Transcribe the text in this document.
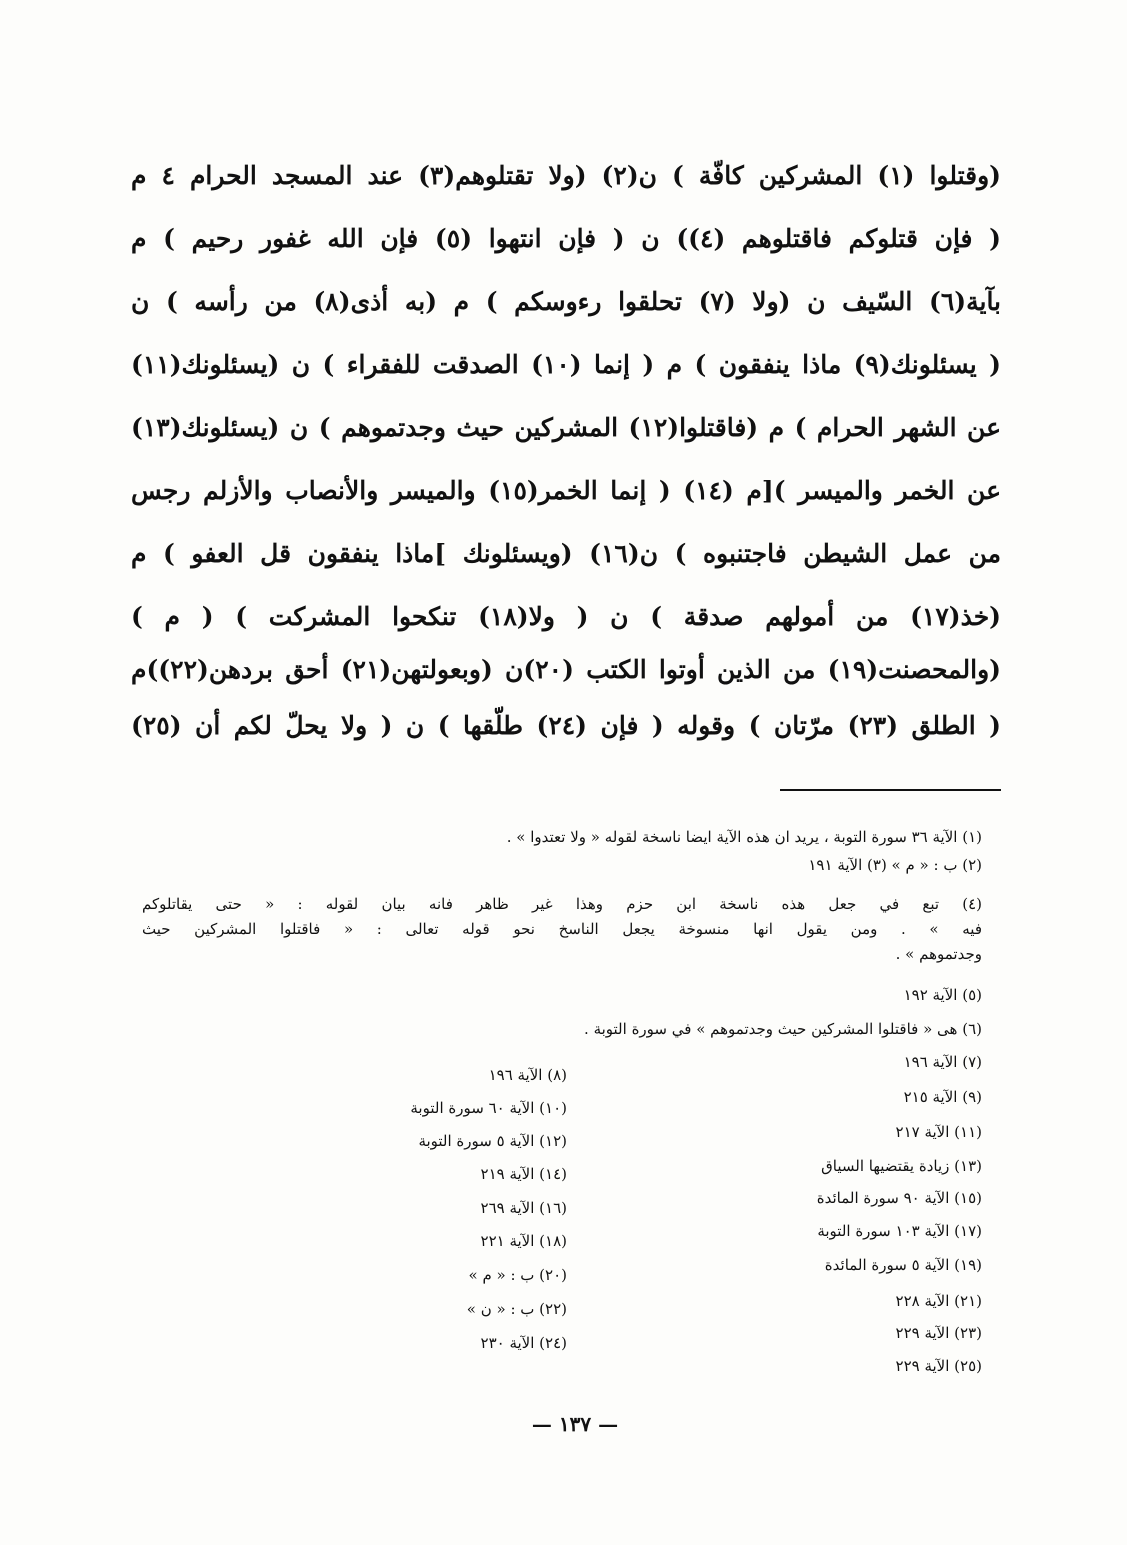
(وقتلوا (١) المشركين كافّة ) ن(٢) (ولا تقتلوهم(٣) عند المسجد الحرام ٤ م
( فإن قتلوكم فاقتلوهم (٤)) ن ( فإن انتهوا (٥) فإن الله غفور رحيم ) م
بآية(٦) السّيف ن (ولا (٧) تحلقوا رءوسكم ) م (به أذى(٨) من رأسه ) ن
( يسئلونك(٩) ماذا ينفقون ) م ( إنما (١٠) الصدقت للفقراء ) ن (يسئلونك(١١)
عن الشهر الحرام ) م (فاقتلوا(١٢) المشركين حيث وجدتموهم ) ن (يسئلونك(١٣)
عن الخمر والميسر )[م (١٤) ( إنما الخمر(١٥) والميسر والأنصاب والأزلم رجس
من عمل الشيطن فاجتنبوه ) ن(١٦) (ويسئلونك ]ماذا ينفقون قل العفو ) م
(خذ(١٧) من أمولهم صدقة ) ن ( ولا(١٨) تنكحوا المشركت ) ( م )
(والمحصنت(١٩) من الذين أوتوا الكتب (٢٠)ن (وبعولتهن(٢١) أحق بردهن(٢٢))م
( الطلق (٢٣) مرّتان ) وقوله ( فإن (٢٤) طلّقها ) ن ( ولا يحلّ لكم أن (٢٥)
(١) الآية ٣٦ سورة التوبة ، يريد ان هذه الآية ايضا ناسخة لقوله « ولا تعتدوا » .
(٢) ب : « م » (٣) الآية ١٩١
(٤) تبع في جعل هذه ناسخة ابن حزم وهذا غير ظاهر فانه بيان لقوله : « حتى يقاتلوكم
فيه » . ومن يقول انها منسوخة يجعل الناسخ نحو قوله تعالى : « فاقتلوا المشركين حيث
وجدتموهم » .
(٥) الآية ١٩٢
(٦) هى « فاقتلوا المشركين حيث وجدتموهم » في سورة التوبة .
(٧) الآية ١٩٦
(٩) الآية ٢١٥
(١١) الآية ٢١٧
(١٣) زيادة يقتضيها السياق
(١٥) الآية ٩٠ سورة المائدة
(١٧) الآية ١٠٣ سورة التوبة
(١٩) الآية ٥ سورة المائدة
(٢١) الآية ٢٢٨
(٢٣) الآية ٢٢٩
(٢٥) الآية ٢٢٩
(٨) الآية ١٩٦
(١٠) الآية ٦٠ سورة التوبة
(١٢) الآية ٥ سورة التوبة
(١٤) الآية ٢١٩
(١٦) الآية ٢٦٩
(١٨) الآية ٢٢١
(٢٠) ب : « م »
(٢٢) ب : « ن »
(٢٤) الآية ٢٣٠
— ١٣٧ —
